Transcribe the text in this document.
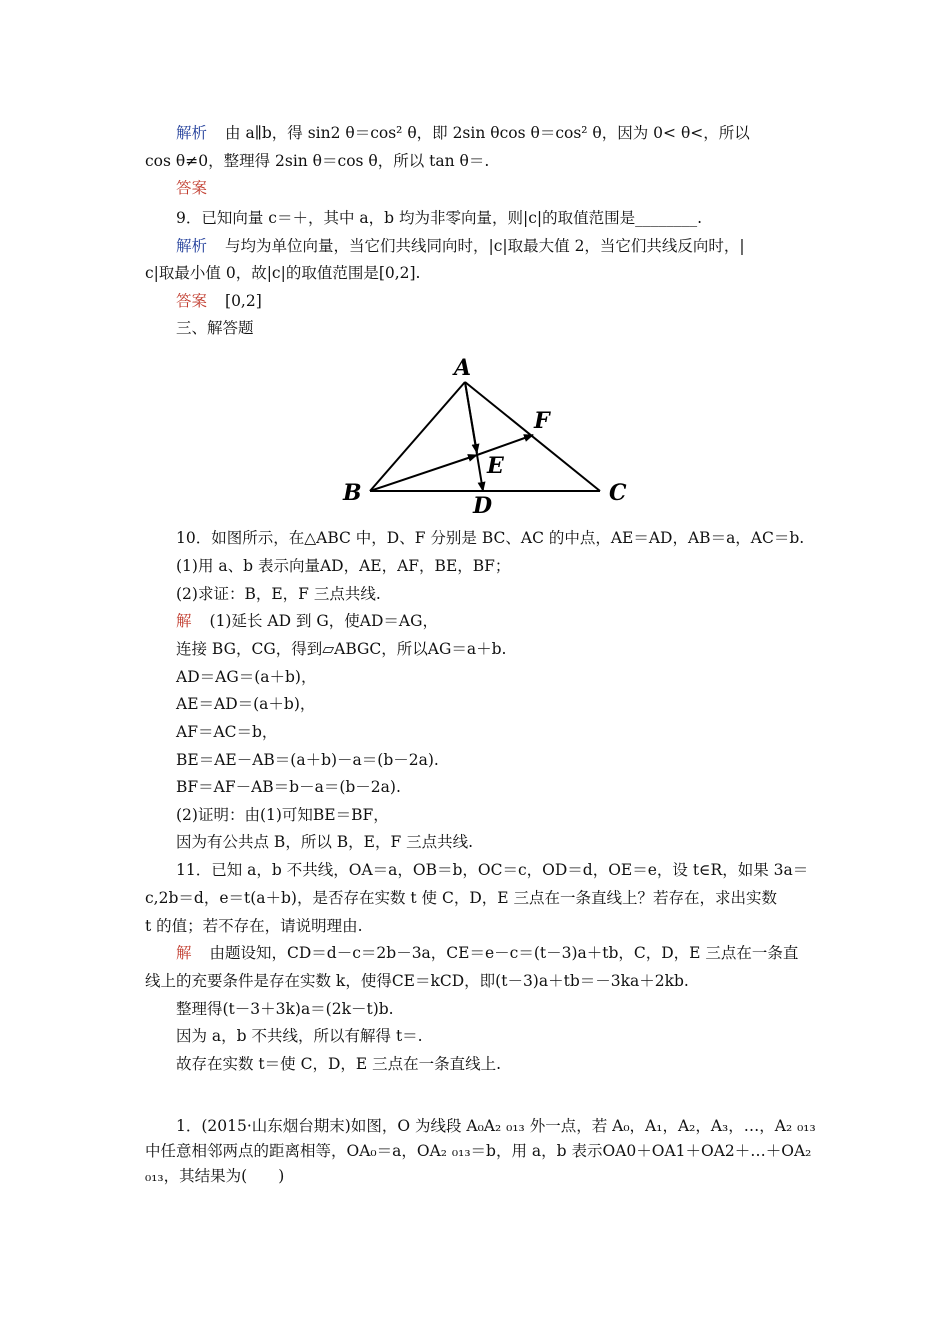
解析 由 a∥b，得 sin2 θ＝cos² θ，即 2sin θcos θ＝cos² θ，因为 0< θ<，所以
cos θ≠0，整理得 2sin θ＝cos θ，所以 tan θ＝.
答案
9．已知向量 c＝＋，其中 a，b 均为非零向量，则|c|的取值范围是________.
解析 与均为单位向量，当它们共线同向时，|c|取最大值 2，当它们共线反向时，|
c|取最小值 0，故|c|的取值范围是[0,2].
答案 [0,2]
三、解答题
A
B	C
D
E
F
10．如图所示，在△ABC 中，D、F 分别是 BC、AC 的中点，AE＝AD，AB＝a，AC＝b.
(1)用 a、b 表示向量AD，AE，AF，BE，BF；
(2)求证：B，E，F 三点共线.
解 (1)延长 AD 到 G，使AD＝AG，
连接 BG，CG，得到▱ABGC，所以AG＝a＋b.
AD＝AG＝(a＋b)，
AE＝AD＝(a＋b)，
AF＝AC＝b，
BE＝AE－AB＝(a＋b)－a＝(b－2a).
BF＝AF－AB＝b－a＝(b－2a).
(2)证明：由(1)可知BE＝BF，
因为有公共点 B，所以 B，E，F 三点共线.
11．已知 a，b 不共线，OA＝a，OB＝b，OC＝c，OD＝d，OE＝e，设 t∈R，如果 3a＝
c,2b＝d，e＝t(a＋b)，是否存在实数 t 使 C，D，E 三点在一条直线上？若存在，求出实数
t 的值；若不存在，请说明理由.
解 由题设知，CD＝d－c＝2b－3a，CE＝e－c＝(t－3)a＋tb，C，D，E 三点在一条直
线上的充要条件是存在实数 k，使得CE＝kCD，即(t－3)a＋tb＝－3ka＋2kb.
整理得(t－3＋3k)a＝(2k－t)b.
因为 a，b 不共线，所以有解得 t＝.
故存在实数 t＝使 C，D，E 三点在一条直线上.
1．(2015·山东烟台期末)如图，O 为线段 A₀A₂ ₀₁₃ 外一点，若 A₀，A₁，A₂，A₃，…，A₂ ₀₁₃
中任意相邻两点的距离相等，OA₀＝a，OA₂ ₀₁₃＝b，用 a，b 表示OA0＋OA1＋OA2＋…＋OA₂
₀₁₃，其结果为(　　)
